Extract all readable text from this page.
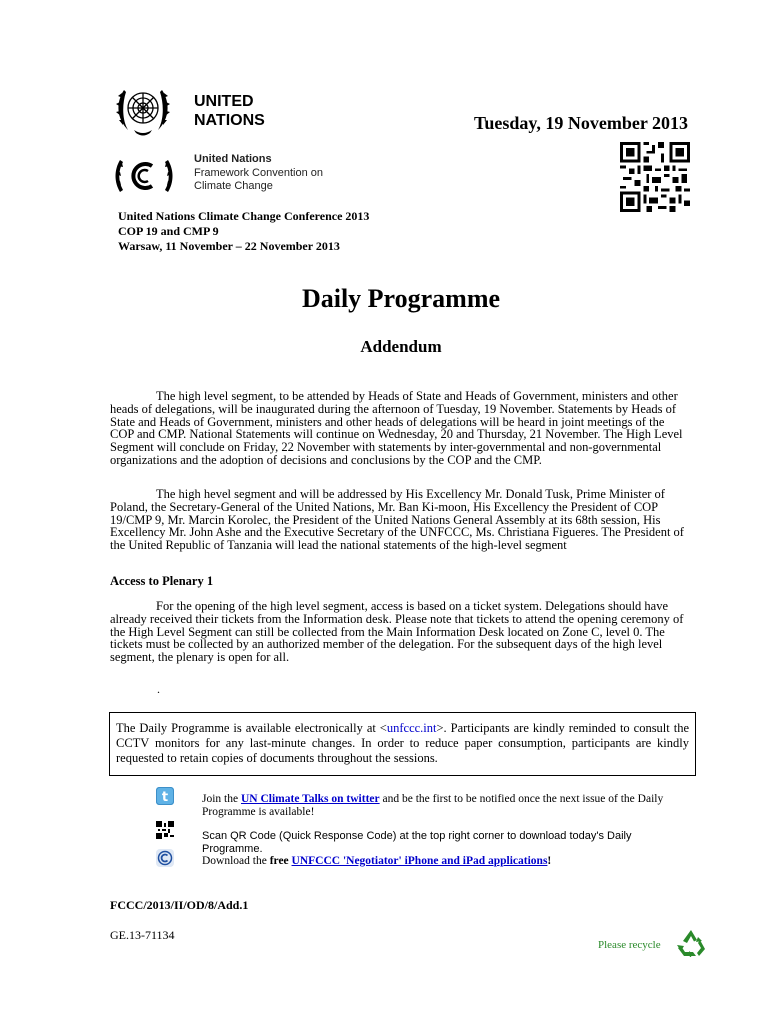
UNITED
NATIONS	Tuesday, 19 November 2013
United Nations
Framework Convention on
Climate Change
United Nations Climate Change Conference 2013
COP 19 and CMP 9
Warsaw, 11 November – 22 November 2013
Daily Programme
Addendum
The high level segment, to be attended by Heads of State and Heads of Government, ministers and other heads of delegations, will be inaugurated during the afternoon of Tuesday, 19 November. Statements by Heads of State and Heads of Government, ministers and other heads of delegations will be heard in joint meetings of the COP and CMP. National Statements will continue on Wednesday, 20 and Thursday, 21 November. The High Level Segment will conclude on Friday, 22 November with statements by inter-governmental and non-governmental organizations and the adoption of decisions and conclusions by the COP and the CMP.
The high hevel segment and will be addressed by His Excellency Mr. Donald Tusk, Prime Minister of Poland, the Secretary-General of the United Nations, Mr. Ban Ki-moon, His Excellency the President of COP 19/CMP 9, Mr. Marcin Korolec, the President of the United Nations General Assembly at its 68th session, His Excellency Mr. John Ashe and the Executive Secretary of the UNFCCC, Ms. Christiana Figueres. The President of the United Republic of Tanzania will lead the national statements of the high-level segment
Access to Plenary 1
For the opening of the high level segment, access is based on a ticket system. Delegations should have already received their tickets from the Information desk. Please note that tickets to attend the opening ceremony of the High Level Segment can still be collected from the Main Information Desk located on Zone C, level 0. The tickets must be collected by an authorized member of the delegation. For the subsequent days of the high level segment, the plenary is open for all.
.
The Daily Programme is available electronically at <unfccc.int>. Participants are kindly reminded to consult the CCTV monitors for any last-minute changes. In order to reduce paper consumption, participants are kindly requested to retain copies of documents throughout the sessions.
t	Join the UN Climate Talks on twitter and be the first to be notified once the next issue of the Daily Programme is available!
Scan QR Code (Quick Response Code) at the top right corner to download today's Daily Programme.
Download the free UNFCCC 'Negotiator' iPhone and iPad applications!
FCCC/2013/II/OD/8/Add.1
GE.13-71134
Please recycle
